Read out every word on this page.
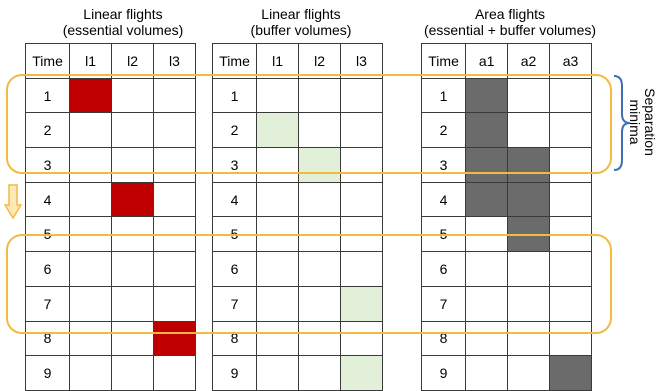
Linear flights
(essential volumes)
Linear flights
(buffer volumes)
Area flights
(essential + buffer volumes)
Time	l1	l2	l3
1			
2			
3			
4			
5			
6			
7			
8			
9			
Time	l1	l2	l3
1			
2			
3			
4			
5			
6			
7			
8			
9			
Time	a1	a2	a3
1			
2			
3			
4			
5			
6			
7			
8			
9			
Separation
minima
